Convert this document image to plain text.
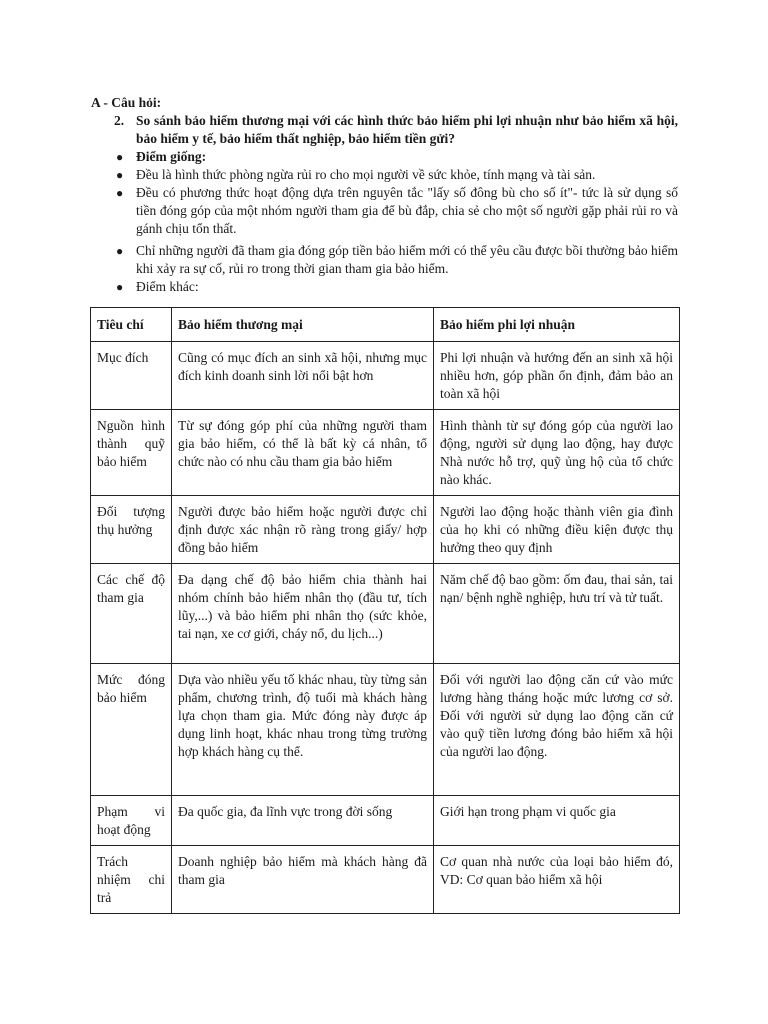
A - Câu hỏi:
2. So sánh bảo hiểm thương mại với các hình thức bảo hiểm phi lợi nhuận như bảo hiểm xã hội, bảo hiểm y tế, bảo hiểm thất nghiệp, bảo hiểm tiền gửi?
● Điểm giống:
● Đều là hình thức phòng ngừa rủi ro cho mọi người về sức khỏe, tính mạng và tài sản.
● Đều có phương thức hoạt động dựa trên nguyên tắc "lấy số đông bù cho số ít"- tức là sử dụng số tiền đóng góp của một nhóm người tham gia để bù đắp, chia sẻ cho một số người gặp phải rủi ro và gánh chịu tổn thất.
● Chỉ những người đã tham gia đóng góp tiền bảo hiểm mới có thể yêu cầu được bồi thường bảo hiểm khi xảy ra sự cố, rủi ro trong thời gian tham gia bảo hiểm.
● Điểm khác:
Tiêu chí	Bảo hiểm thương mại	Bảo hiểm phi lợi nhuận
Mục đích	Cũng có mục đích an sinh xã hội, nhưng mục đích kinh doanh sinh lời nổi bật hơn	Phi lợi nhuận và hướng đến an sinh xã hội nhiều hơn, góp phần ổn định, đảm bảo an toàn xã hội
Nguồn hình thành quỹ bảo hiểm	Từ sự đóng góp phí của những người tham gia bảo hiểm, có thể là bất kỳ cá nhân, tổ chức nào có nhu cầu tham gia bảo hiểm	Hình thành từ sự đóng góp của người lao động, người sử dụng lao động, hay được Nhà nước hỗ trợ, quỹ ủng hộ của tổ chức nào khác.
Đối tượng thụ hưởng	Người được bảo hiểm hoặc người được chỉ định được xác nhận rõ ràng trong giấy/ hợp đồng bảo hiểm	Người lao động hoặc thành viên gia đình của họ khi có những điều kiện được thụ hưởng theo quy định
Các chế độ tham gia	Đa dạng chế độ bảo hiểm chia thành hai nhóm chính bảo hiểm nhân thọ (đầu tư, tích lũy,...) và bảo hiểm phi nhân thọ (sức khỏe, tai nạn, xe cơ giới, cháy nổ, du lịch...)	Năm chế độ bao gồm: ốm đau, thai sản, tai nạn/ bệnh nghề nghiệp, hưu trí và tử tuất.
Mức đóng bảo hiểm	Dựa vào nhiều yếu tố khác nhau, tùy từng sản phẩm, chương trình, độ tuổi mà khách hàng lựa chọn tham gia. Mức đóng này được áp dụng linh hoạt, khác nhau trong từng trường hợp khách hàng cụ thể.	Đối với người lao động căn cứ vào mức lương hàng tháng hoặc mức lương cơ sở. Đối với người sử dụng lao động căn cứ vào quỹ tiền lương đóng bảo hiểm xã hội của người lao động.
Phạm vi hoạt động	Đa quốc gia, đa lĩnh vực trong đời sống	Giới hạn trong phạm vi quốc gia
Trách nhiệm chi trả	Doanh nghiệp bảo hiểm mà khách hàng đã tham gia	Cơ quan nhà nước của loại bảo hiểm đó, VD: Cơ quan bảo hiểm xã hội
